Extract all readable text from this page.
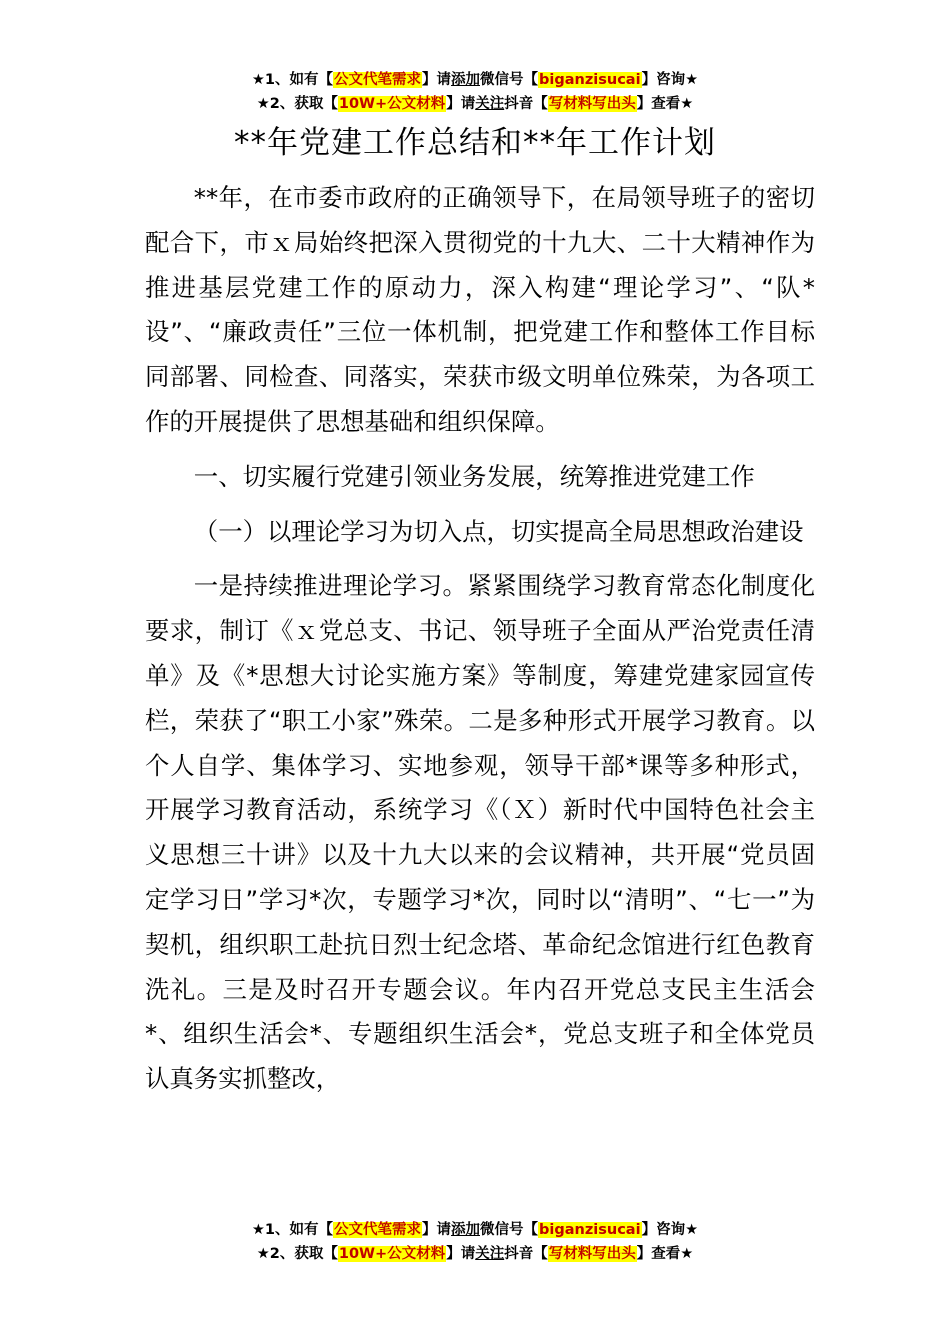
★1、如有【公文代笔需求】请添加微信号【biganzisucai】咨询★
★2、获取【10W+公文材料】请关注抖音【写材料写出头】查看★
**年党建工作总结和**年工作计划

**年，在市委市政府的正确领导下，在局领导班子的密切配合下，市ｘ局始终把深入贯彻党的十九大、二十大精神作为推进基层党建工作的原动力，深入构建“理论学习”、“队*设”、“廉政责任”三位一体机制，把党建工作和整体工作目标同部署、同检查、同落实，荣获市级文明单位殊荣，为各项工作的开展提供了思想基础和组织保障。

一、切实履行党建引领业务发展，统筹推进党建工作

（一）以理论学习为切入点，切实提高全局思想政治建设

一是持续推进理论学习。紧紧围绕学习教育常态化制度化要求，制订《ｘ党总支、书记、领导班子全面从严治党责任清单》及《*思想大讨论实施方案》等制度，筹建党建家园宣传栏，荣获了“职工小家”殊荣。二是多种形式开展学习教育。以个人自学、集体学习、实地参观，领导干部*课等多种形式，开展学习教育活动，系统学习《（Ｘ）新时代中国特色社会主义思想三十讲》以及十九大以来的会议精神，共开展“党员固定学习日”学习*次，专题学习*次，同时以“清明”、“七一”为契机，组织职工赴抗日烈士纪念塔、革命纪念馆进行红色教育洗礼。三是及时召开专题会议。年内召开党总支民主生活会*、组织生活会*、专题组织生活会*，党总支班子和全体党员认真务实抓整改，

★1、如有【公文代笔需求】请添加微信号【biganzisucai】咨询★
★2、获取【10W+公文材料】请关注抖音【写材料写出头】查看★
